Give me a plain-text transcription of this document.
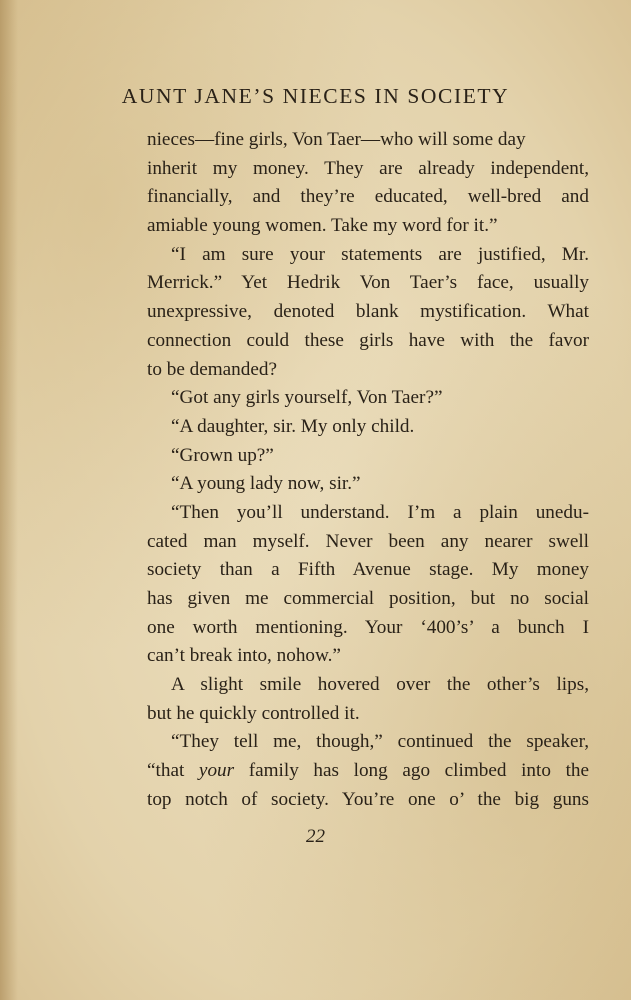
AUNT JANE’S NIECES IN SOCIETY
nieces—fine girls, Von Taer—who will some day
inherit my money. They are already independent,
financially, and they’re educated, well-bred and
amiable young women. Take my word for it.”
“I am sure your statements are justified, Mr.
Merrick.” Yet Hedrik Von Taer’s face, usually
unexpressive, denoted blank mystification. What
connection could these girls have with the favor
to be demanded?
“Got any girls yourself, Von Taer?”
“A daughter, sir. My only child.
“Grown up?”
“A young lady now, sir.”
“Then you’ll understand. I’m a plain unedu-
cated man myself. Never been any nearer swell
society than a Fifth Avenue stage. My money
has given me commercial position, but no social
one worth mentioning. Your ‘400’s’ a bunch I
can’t break into, nohow.”
A slight smile hovered over the other’s lips,
but he quickly controlled it.
“They tell me, though,” continued the speaker,
“that your family has long ago climbed into the
top notch of society. You’re one o’ the big guns
22
